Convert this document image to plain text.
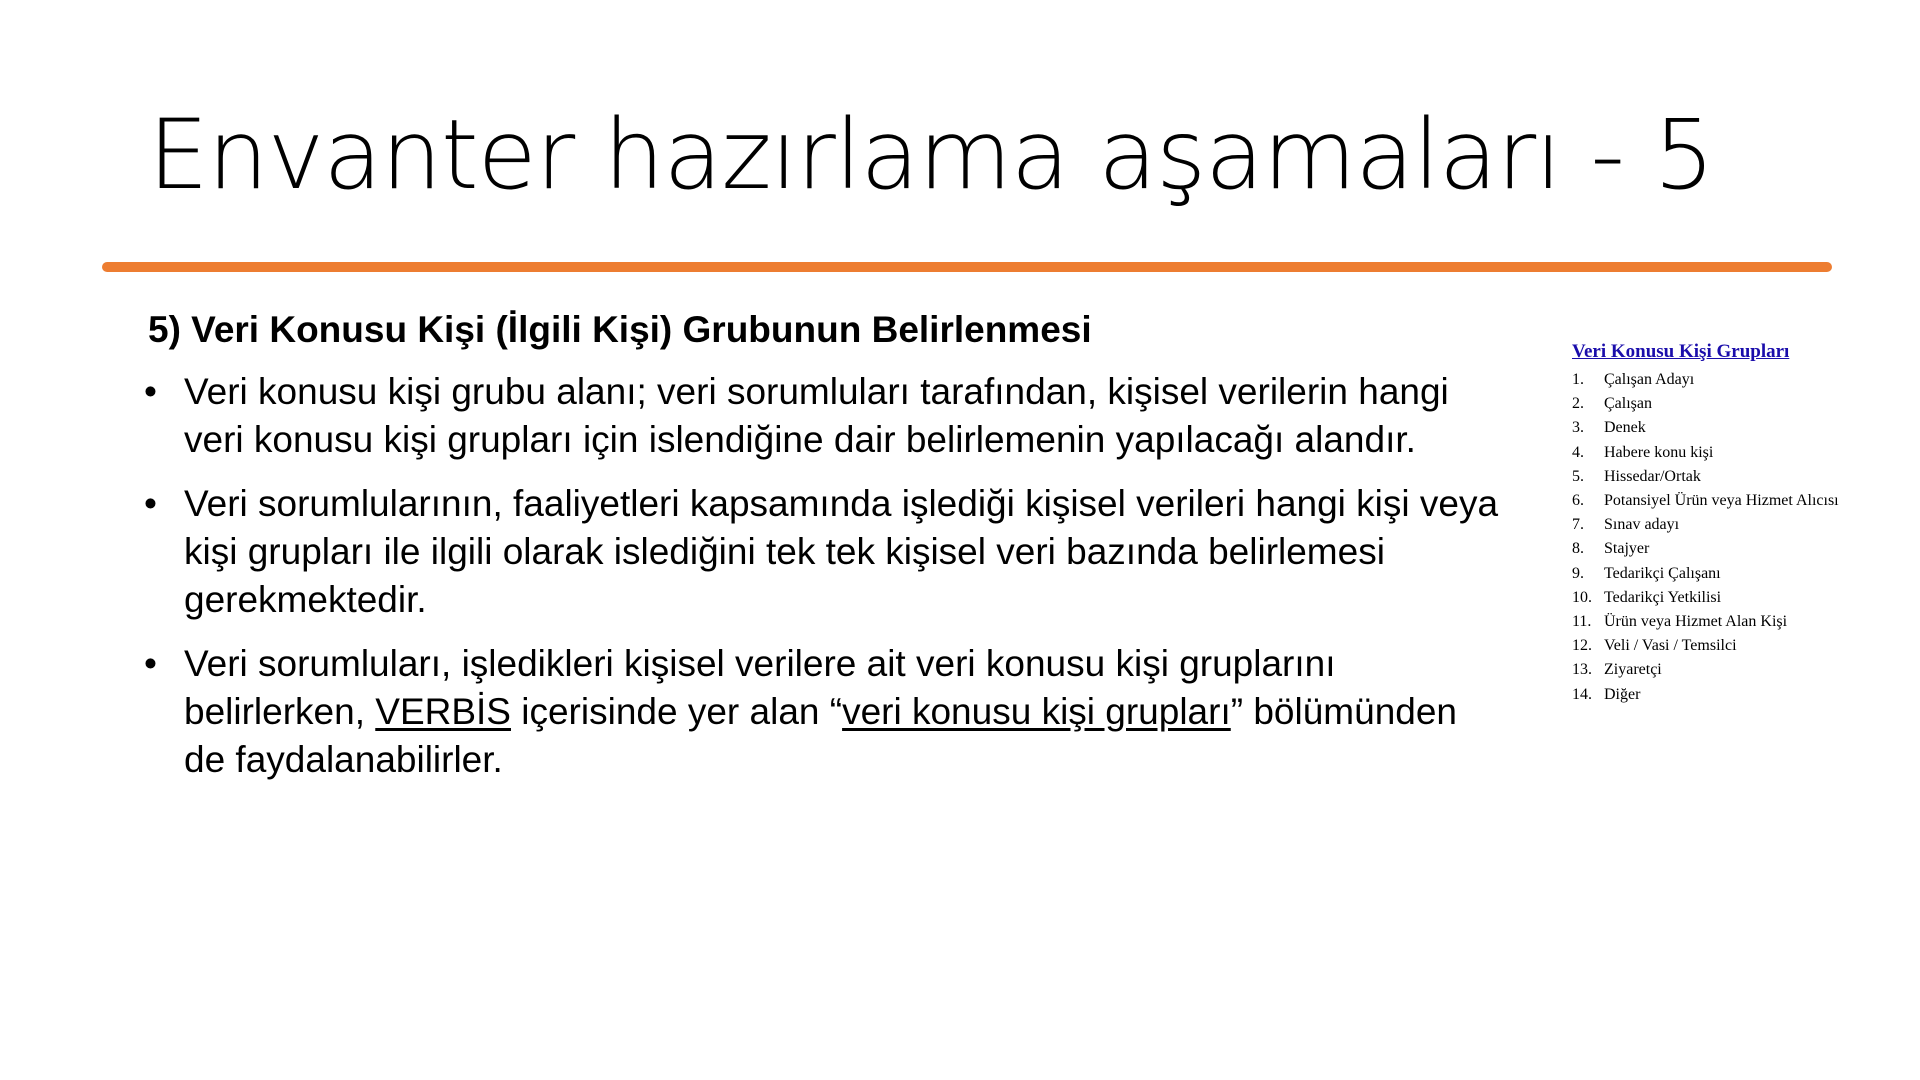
Envanter hazırlama aşamaları - 5
5) Veri Konusu Kişi (İlgili Kişi) Grubunun Belirlenmesi
• Veri konusu kişi grubu alanı; veri sorumluları tarafından, kişisel verilerin hangi veri konusu kişi grupları için islendiğine dair belirlemenin yapılacağı alandır.
• Veri sorumlularının, faaliyetleri kapsamında işlediği kişisel verileri hangi kişi veya kişi grupları ile ilgili olarak islediğini tek tek kişisel veri bazında belirlemesi gerekmektedir.
• Veri sorumluları, işledikleri kişisel verilere ait veri konusu kişi gruplarını belirlerken, VERBİS içerisinde yer alan “veri konusu kişi grupları” bölümünden de faydalanabilirler.
Veri Konusu Kişi Grupları
1.	Çalışan Adayı
2.	Çalışan
3.	Denek
4.	Habere konu kişi
5.	Hissedar/Ortak
6.	Potansiyel Ürün veya Hizmet Alıcısı
7.	Sınav adayı
8.	Stajyer
9.	Tedarikçi Çalışanı
10. Tedarikçi Yetkilisi
11. Ürün veya Hizmet Alan Kişi
12. Veli / Vasi / Temsilci
13. Ziyaretçi
14. Diğer
